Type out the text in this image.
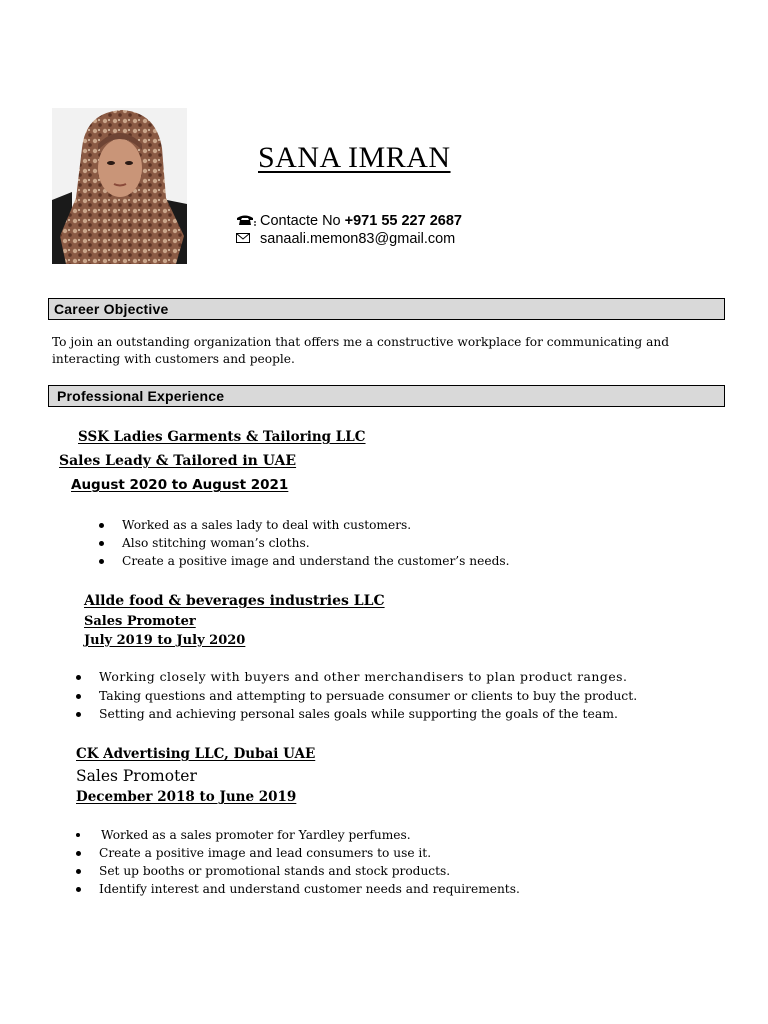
SANA IMRAN
Contacte No +971 55 227 2687
sanaali.memon83@gmail.com
Career Objective
To join an outstanding organization that offers me a constructive workplace for communicating and interacting with customers and people.
Professional Experience
SSK Ladies Garments & Tailoring LLC
Sales Leady & Tailored in UAE
August 2020 to August 2021
Worked as a sales lady to deal with customers.
Also stitching woman’s cloths.
Create a positive image and understand the customer’s needs.
Allde food & beverages industries LLC
Sales Promoter
July 2019 to July 2020
Working closely with buyers and other merchandisers to plan product ranges.
Taking questions and attempting to persuade consumer or clients to buy the product.
Setting and achieving personal sales goals while supporting the goals of the team.
CK Advertising LLC, Dubai UAE
Sales Promoter
December 2018 to June 2019
Worked as a sales promoter for Yardley perfumes.
Create a positive image and lead consumers to use it.
Set up booths or promotional stands and stock products.
Identify interest and understand customer needs and requirements.
